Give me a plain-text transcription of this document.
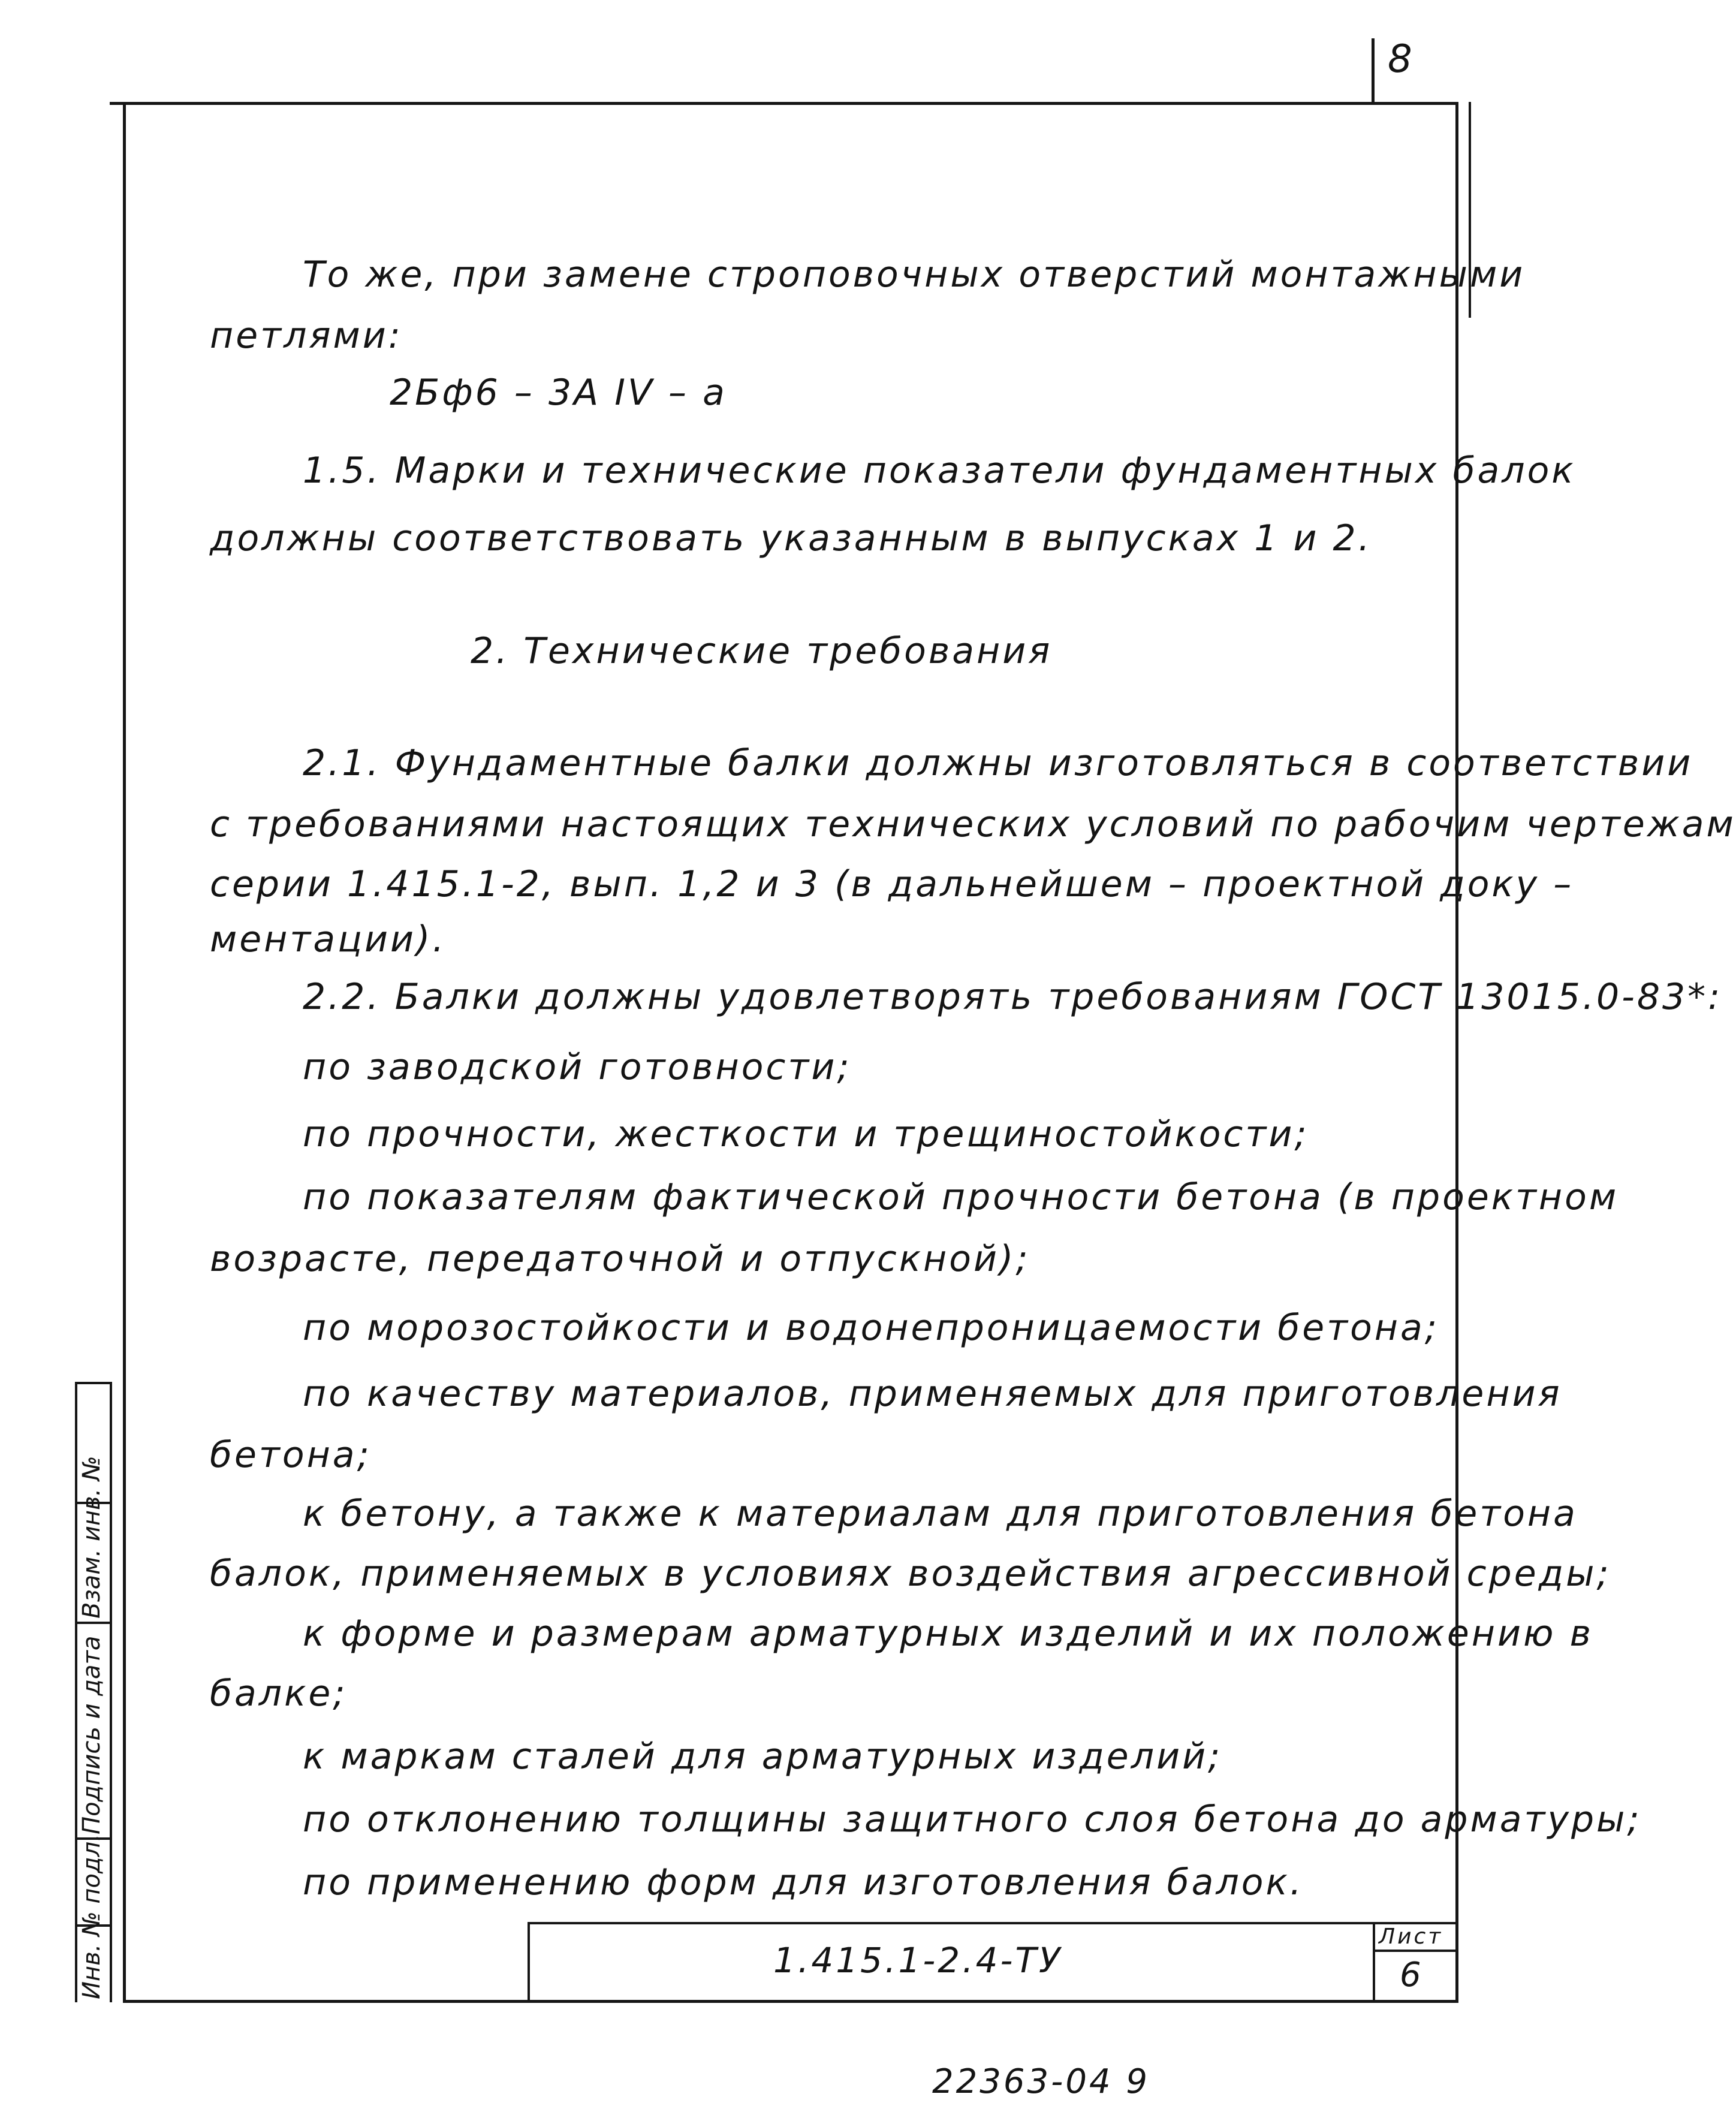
8
То же, при замене строповочных отверстий монтажными
петлями:
2Бф6 – 3А IV – а
1.5. Марки и технические показатели фундаментных балок
должны соответствовать указанным в выпусках 1 и 2.
2. Технические требования
2.1. Фундаментные балки должны изготовляться в соответствии
с требованиями настоящих технических условий по рабочим чертежам
серии 1.415.1-2, вып. 1,2 и 3 (в дальнейшем – проектной доку –
ментации).
2.2. Балки должны удовлетворять требованиям ГОСТ 13015.0-83*:
по заводской готовности;
по прочности, жесткости и трещиностойкости;
по показателям фактической прочности бетона (в проектном
возрасте, передаточной и отпускной);
по морозостойкости и водонепроницаемости бетона;
по качеству материалов, применяемых для приготовления
бетона;
к бетону, а также к материалам для приготовления бетона
балок, применяемых в условиях воздействия агрессивной среды;
к форме и размерам арматурных изделий и их положению в
балке;
к маркам сталей для арматурных изделий;
по отклонению толщины защитного слоя бетона до арматуры;
по применению форм для изготовления балок.
Лист
6
1.415.1-2.4-ТУ
Взам. инв. №
Подпись и дата
Инв. № подл.
22363-04 9
